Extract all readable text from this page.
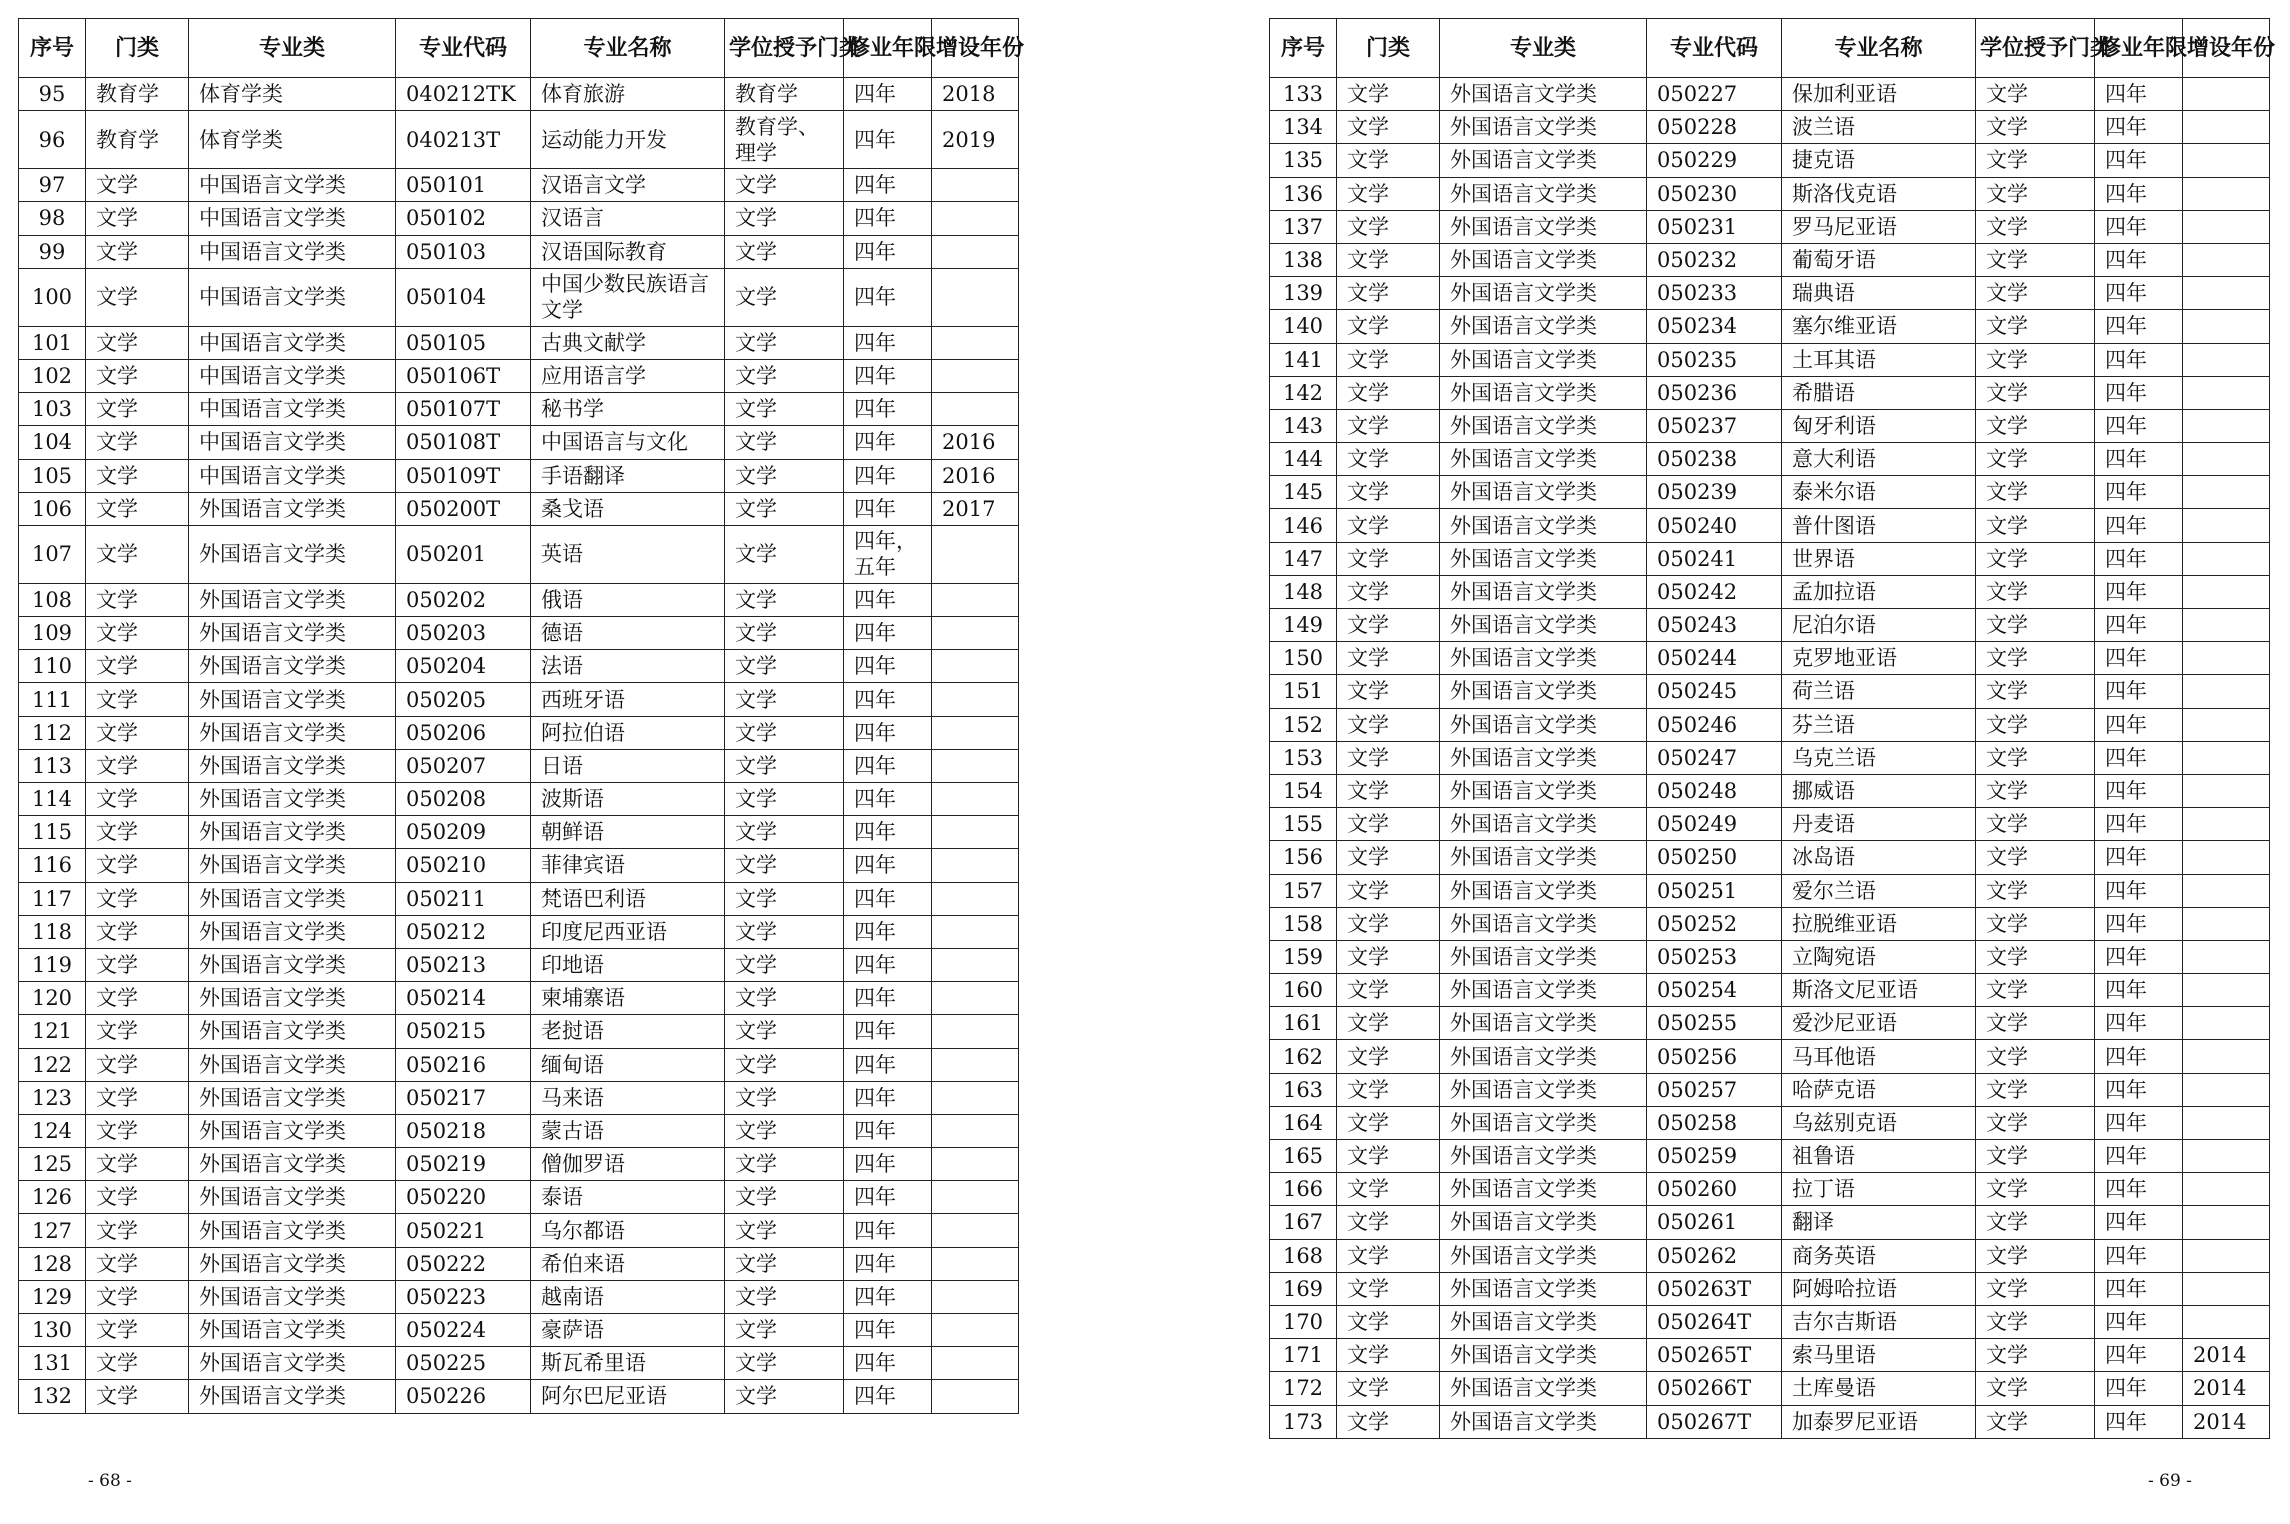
序号	门类	专业类	专业代码	专业名称	学位授予门类	修业年限	增设年份
95	教育学	体育学类	040212TK	体育旅游	教育学	四年	2018
96	教育学	体育学类	040213T	运动能力开发	教育学、理学	四年	2019
97	文学	中国语言文学类	050101	汉语言文学	文学	四年	
98	文学	中国语言文学类	050102	汉语言	文学	四年	
99	文学	中国语言文学类	050103	汉语国际教育	文学	四年	
100	文学	中国语言文学类	050104	中国少数民族语言文学	文学	四年	
101	文学	中国语言文学类	050105	古典文献学	文学	四年	
102	文学	中国语言文学类	050106T	应用语言学	文学	四年	
103	文学	中国语言文学类	050107T	秘书学	文学	四年	
104	文学	中国语言文学类	050108T	中国语言与文化	文学	四年	2016
105	文学	中国语言文学类	050109T	手语翻译	文学	四年	2016
106	文学	外国语言文学类	050200T	桑戈语	文学	四年	2017
107	文学	外国语言文学类	050201	英语	文学	四年，五年	
108	文学	外国语言文学类	050202	俄语	文学	四年	
109	文学	外国语言文学类	050203	德语	文学	四年	
110	文学	外国语言文学类	050204	法语	文学	四年	
111	文学	外国语言文学类	050205	西班牙语	文学	四年	
112	文学	外国语言文学类	050206	阿拉伯语	文学	四年	
113	文学	外国语言文学类	050207	日语	文学	四年	
114	文学	外国语言文学类	050208	波斯语	文学	四年	
115	文学	外国语言文学类	050209	朝鲜语	文学	四年	
116	文学	外国语言文学类	050210	菲律宾语	文学	四年	
117	文学	外国语言文学类	050211	梵语巴利语	文学	四年	
118	文学	外国语言文学类	050212	印度尼西亚语	文学	四年	
119	文学	外国语言文学类	050213	印地语	文学	四年	
120	文学	外国语言文学类	050214	柬埔寨语	文学	四年	
121	文学	外国语言文学类	050215	老挝语	文学	四年	
122	文学	外国语言文学类	050216	缅甸语	文学	四年	
123	文学	外国语言文学类	050217	马来语	文学	四年	
124	文学	外国语言文学类	050218	蒙古语	文学	四年	
125	文学	外国语言文学类	050219	僧伽罗语	文学	四年	
126	文学	外国语言文学类	050220	泰语	文学	四年	
127	文学	外国语言文学类	050221	乌尔都语	文学	四年	
128	文学	外国语言文学类	050222	希伯来语	文学	四年	
129	文学	外国语言文学类	050223	越南语	文学	四年	
130	文学	外国语言文学类	050224	豪萨语	文学	四年	
131	文学	外国语言文学类	050225	斯瓦希里语	文学	四年	
132	文学	外国语言文学类	050226	阿尔巴尼亚语	文学	四年	
- 68 -
序号	门类	专业类	专业代码	专业名称	学位授予门类	修业年限	增设年份
133	文学	外国语言文学类	050227	保加利亚语	文学	四年	
134	文学	外国语言文学类	050228	波兰语	文学	四年	
135	文学	外国语言文学类	050229	捷克语	文学	四年	
136	文学	外国语言文学类	050230	斯洛伐克语	文学	四年	
137	文学	外国语言文学类	050231	罗马尼亚语	文学	四年	
138	文学	外国语言文学类	050232	葡萄牙语	文学	四年	
139	文学	外国语言文学类	050233	瑞典语	文学	四年	
140	文学	外国语言文学类	050234	塞尔维亚语	文学	四年	
141	文学	外国语言文学类	050235	土耳其语	文学	四年	
142	文学	外国语言文学类	050236	希腊语	文学	四年	
143	文学	外国语言文学类	050237	匈牙利语	文学	四年	
144	文学	外国语言文学类	050238	意大利语	文学	四年	
145	文学	外国语言文学类	050239	泰米尔语	文学	四年	
146	文学	外国语言文学类	050240	普什图语	文学	四年	
147	文学	外国语言文学类	050241	世界语	文学	四年	
148	文学	外国语言文学类	050242	孟加拉语	文学	四年	
149	文学	外国语言文学类	050243	尼泊尔语	文学	四年	
150	文学	外国语言文学类	050244	克罗地亚语	文学	四年	
151	文学	外国语言文学类	050245	荷兰语	文学	四年	
152	文学	外国语言文学类	050246	芬兰语	文学	四年	
153	文学	外国语言文学类	050247	乌克兰语	文学	四年	
154	文学	外国语言文学类	050248	挪威语	文学	四年	
155	文学	外国语言文学类	050249	丹麦语	文学	四年	
156	文学	外国语言文学类	050250	冰岛语	文学	四年	
157	文学	外国语言文学类	050251	爱尔兰语	文学	四年	
158	文学	外国语言文学类	050252	拉脱维亚语	文学	四年	
159	文学	外国语言文学类	050253	立陶宛语	文学	四年	
160	文学	外国语言文学类	050254	斯洛文尼亚语	文学	四年	
161	文学	外国语言文学类	050255	爱沙尼亚语	文学	四年	
162	文学	外国语言文学类	050256	马耳他语	文学	四年	
163	文学	外国语言文学类	050257	哈萨克语	文学	四年	
164	文学	外国语言文学类	050258	乌兹别克语	文学	四年	
165	文学	外国语言文学类	050259	祖鲁语	文学	四年	
166	文学	外国语言文学类	050260	拉丁语	文学	四年	
167	文学	外国语言文学类	050261	翻译	文学	四年	
168	文学	外国语言文学类	050262	商务英语	文学	四年	
169	文学	外国语言文学类	050263T	阿姆哈拉语	文学	四年	
170	文学	外国语言文学类	050264T	吉尔吉斯语	文学	四年	
171	文学	外国语言文学类	050265T	索马里语	文学	四年	2014
172	文学	外国语言文学类	050266T	土库曼语	文学	四年	2014
173	文学	外国语言文学类	050267T	加泰罗尼亚语	文学	四年	2014
- 69 -
